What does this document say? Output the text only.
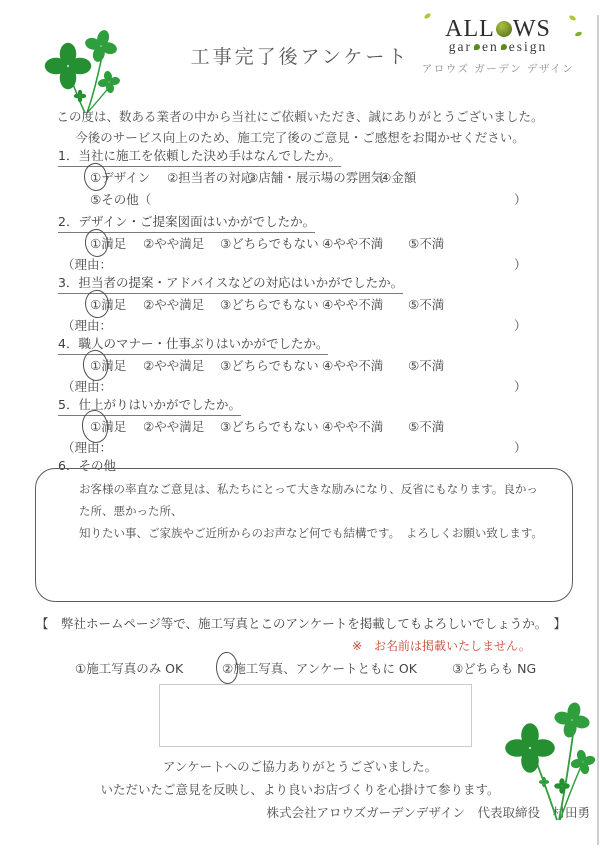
工事完了後アンケート
ALL WS
gar en esign
アロウズ ガーデン デザイン
この度は、数ある業者の中から当社にご依頼いただき、誠にありがとうございました。
今後のサービス向上のため、施工完了後のご意見・ご感想をお聞かせください。
1．当社に施工を依頼した決め手はなんでしたか。
①デザイン ②担当者の対応
③店舗・展示場の雰囲気
④金額
⑤その他（	）
2．デザイン・ご提案図面はいかがでしたか。
①満足 ②やや満足 ③どちらでもない ④やや不満 ⑤不満
（理由：	）
3．担当者の提案・アドバイスなどの対応はいかがでしたか。
①満足 ②やや満足 ③どちらでもない ④やや不満 ⑤不満
（理由：	）
4．職人のマナー・仕事ぶりはいかがでしたか。
①満足 ②やや満足 ③どちらでもない ④やや不満 ⑤不満
（理由：	）
5．仕上がりはいかがでしたか。
①満足 ②やや満足 ③どちらでもない ④やや不満 ⑤不満
（理由：	）
6．その他
お客様の率直なご意見は、私たちにとって大きな励みになり、反省にもなります。良かった所、悪かった所、
知りたい事、ご家族やご近所からのお声など何でも結構です。　よろしくお願い致します。
【　弊社ホームページ等で、施工写真とこのアンケートを掲載してもよろしいでしょうか。　】
※　お名前は掲載いたしません。
①施工写真のみ OK	②施工写真、アンケートともに OK	③どちらも NG
アンケートへのご協力ありがとうございました。
いただいたご意見を反映し、より良いお店づくりを心掛けて参ります。
株式会社アロウズガーデンデザイン　代表取締役　村田勇
